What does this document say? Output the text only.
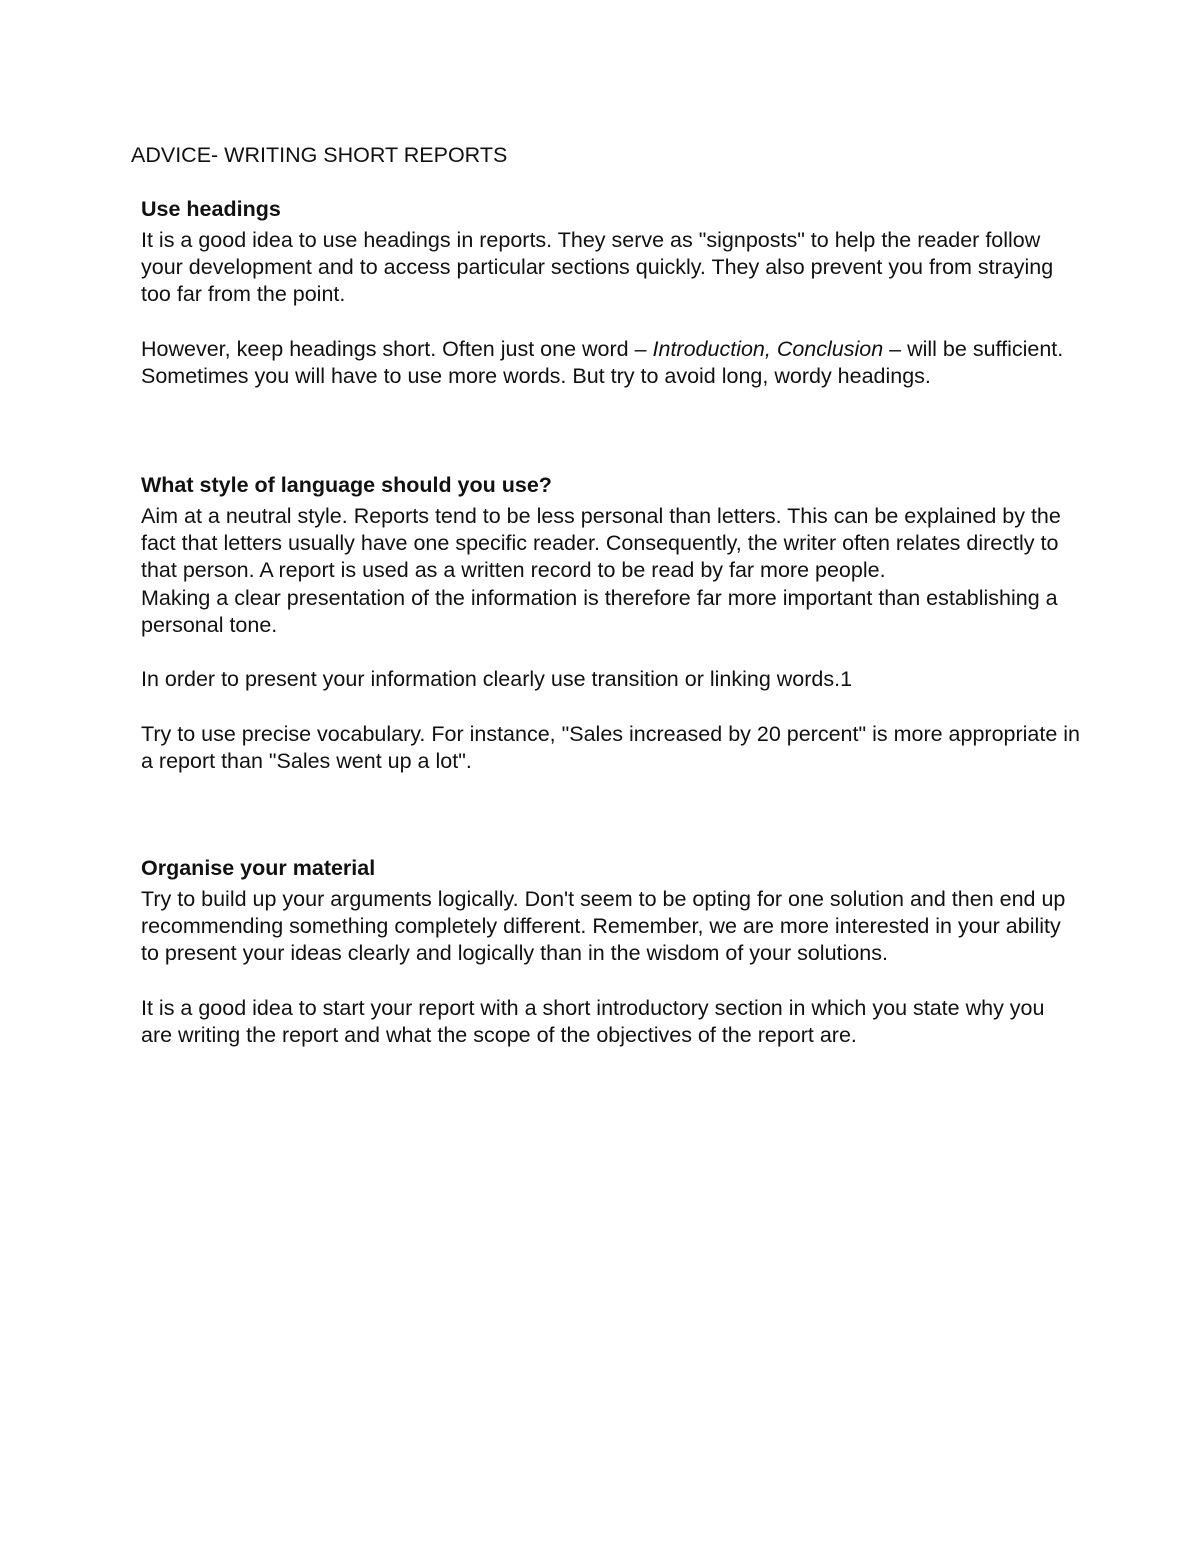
ADVICE- WRITING SHORT REPORTS
Use headings

It is a good idea to use headings in reports. They serve as "signposts" to help the reader follow your development and to access particular sections quickly. They also prevent you from straying too far from the point.

However, keep headings short. Often just one word – Introduction, Conclusion – will be sufficient. Sometimes you will have to use more words. But try to avoid long, wordy headings.

What style of language should you use?

Aim at a neutral style. Reports tend to be less personal than letters. This can be explained by the fact that letters usually have one specific reader. Consequently, the writer often relates directly to that person. A report is used as a written record to be read by far more people.

Making a clear presentation of the information is therefore far more important than establishing a personal tone.

In order to present your information clearly use transition or linking words.1

Try to use precise vocabulary. For instance, "Sales increased by 20 percent" is more appropriate in a report than "Sales went up a lot".

Organise your material

Try to build up your arguments logically. Don't seem to be opting for one solution and then end up recommending something completely different. Remember, we are more interested in your ability to present your ideas clearly and logically than in the wisdom of your solutions.

It is a good idea to start your report with a short introductory section in which you state why you are writing the report and what the scope of the objectives of the report are.
